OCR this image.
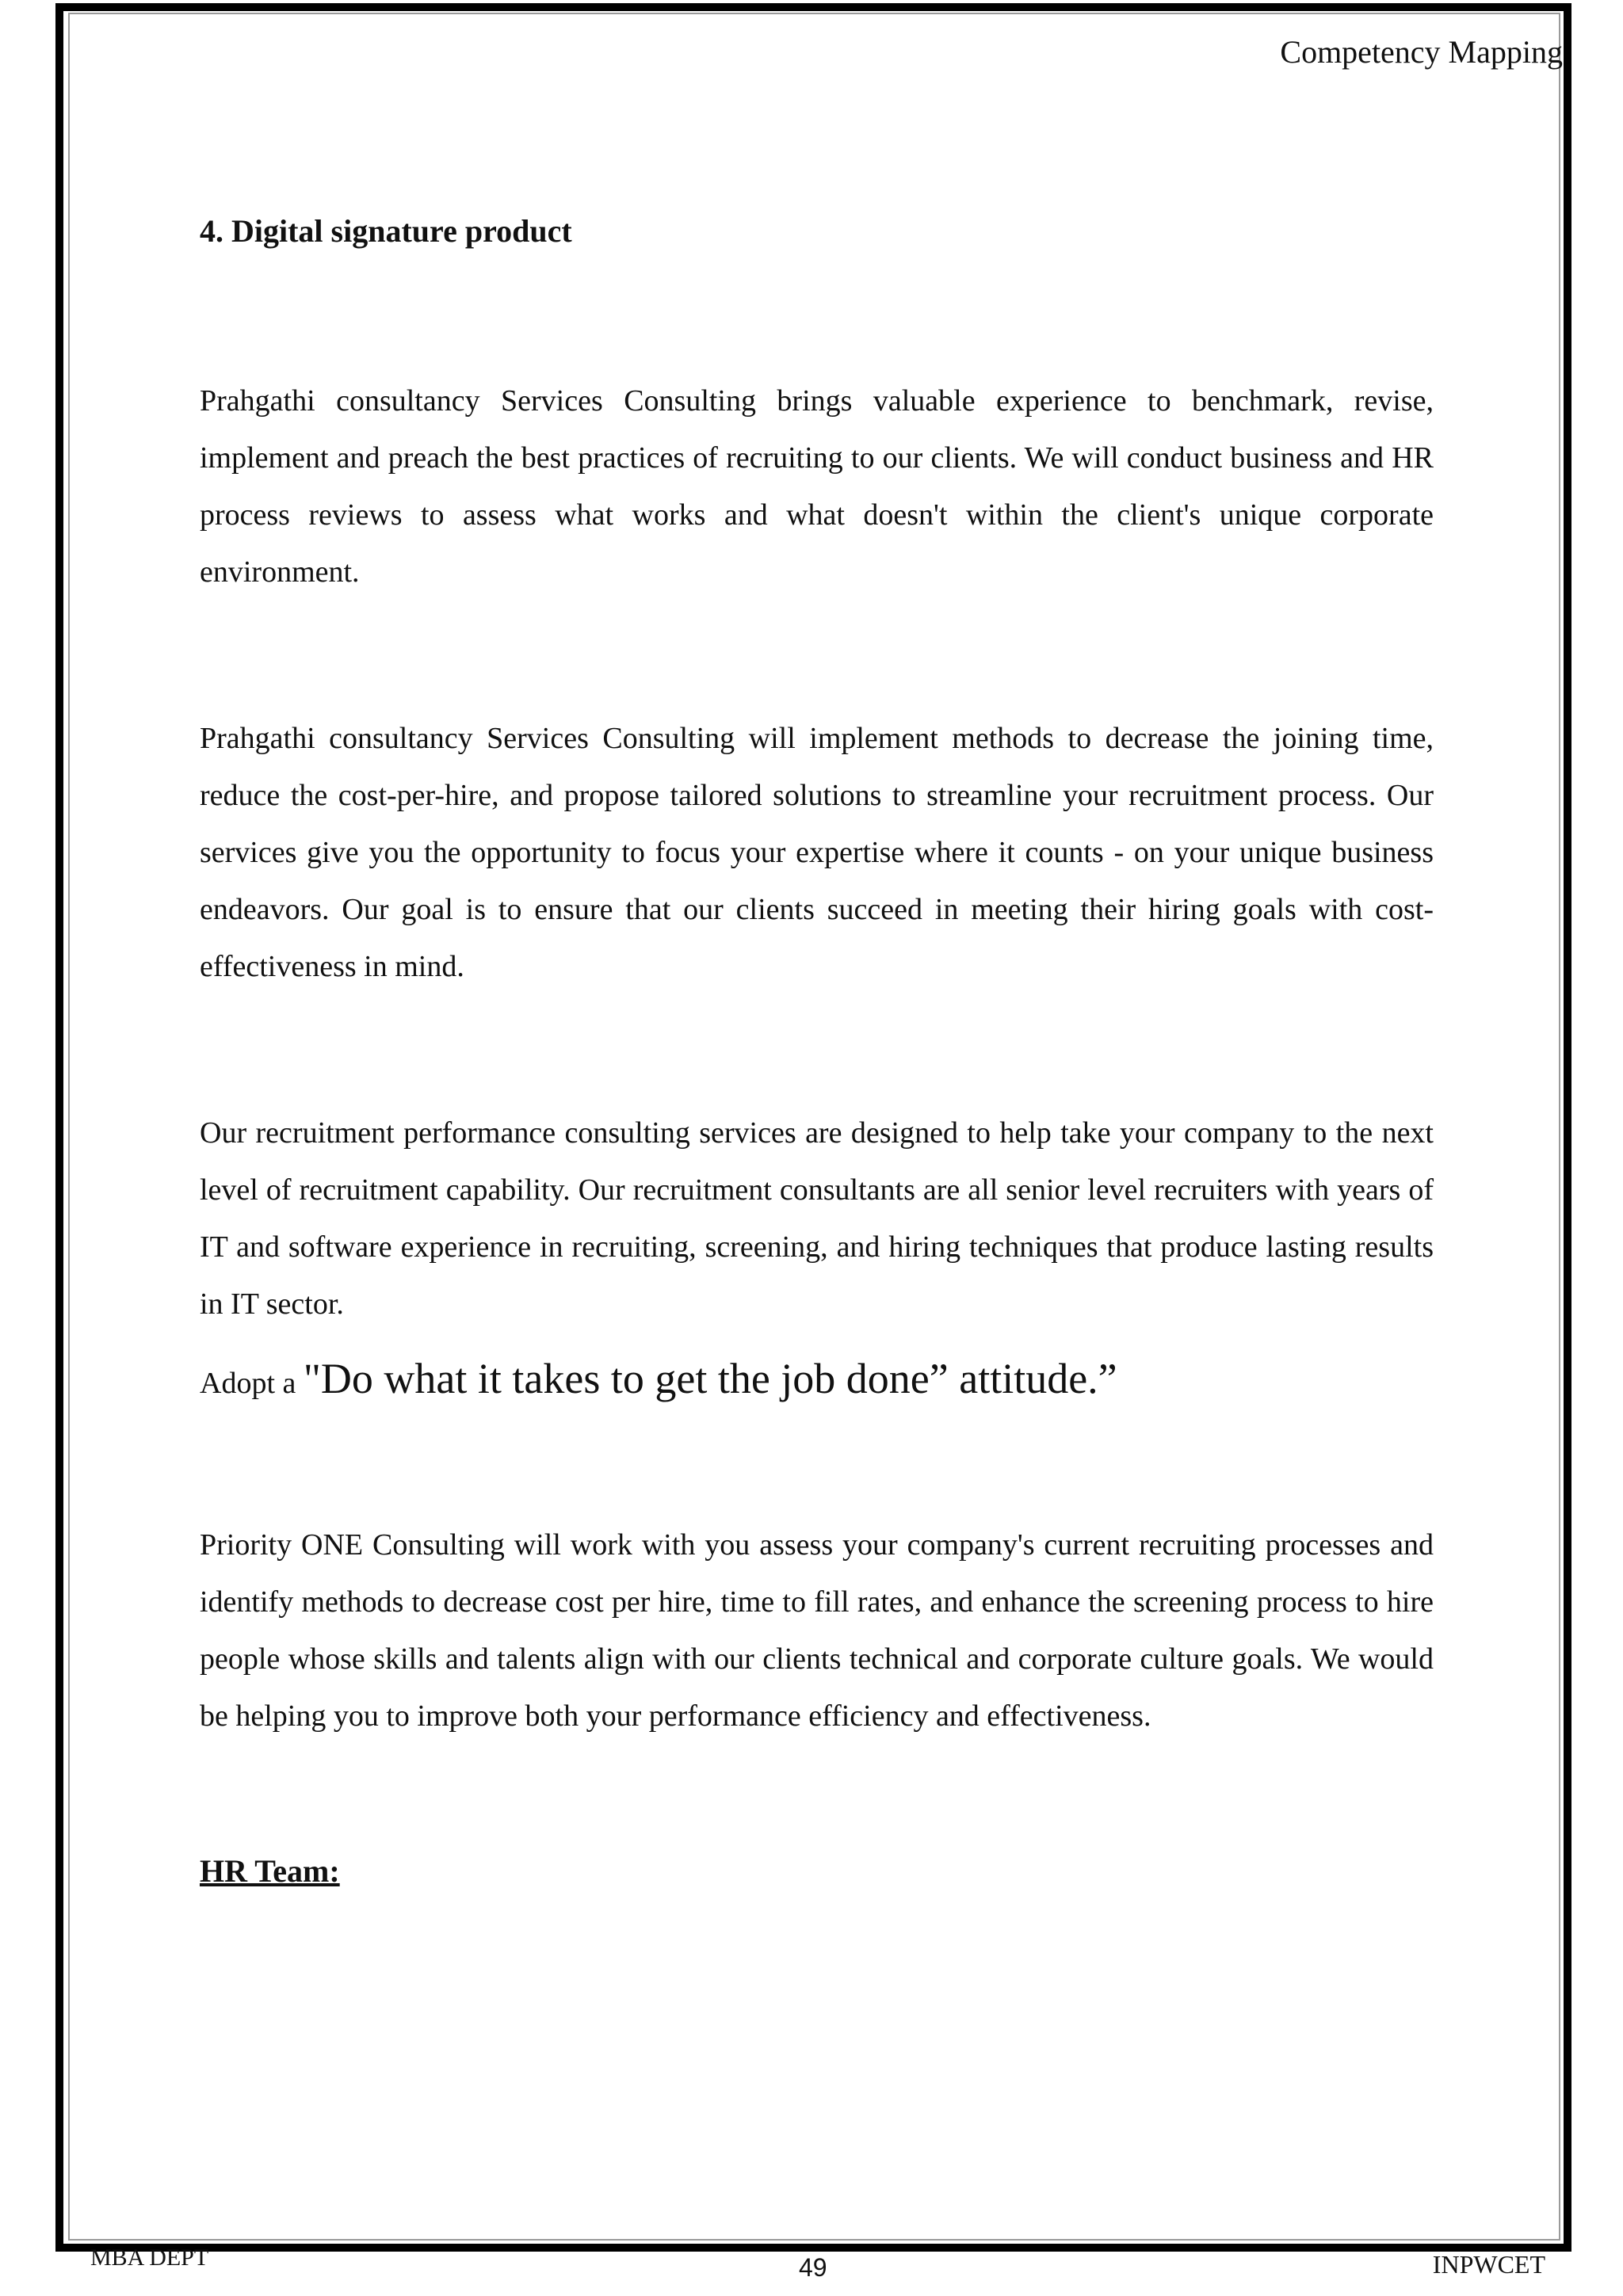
Competency Mapping
4. Digital signature product

Prahgathi consultancy Services Consulting brings valuable experience to benchmark, revise, implement and preach the best practices of recruiting to our clients. We will conduct business and HR process reviews to assess what works and what doesn't within the client's unique corporate environment.

Prahgathi consultancy Services Consulting will implement methods to decrease the joining time, reduce the cost-per-hire, and propose tailored solutions to streamline your recruitment process. Our services give you the opportunity to focus your expertise where it counts - on your unique business endeavors. Our goal is to ensure that our clients succeed in meeting their hiring goals with cost-effectiveness in mind.

Our recruitment performance consulting services are designed to help take your company to the next level of recruitment capability. Our recruitment consultants are all senior level recruiters with years of IT and software experience in recruiting, screening, and hiring techniques that produce lasting results in IT sector.

Adopt a "Do what it takes to get the job done” attitude.”

Priority ONE Consulting will work with you assess your company's current recruiting processes and identify methods to decrease cost per hire, time to fill rates, and enhance the screening process to hire people whose skills and talents align with our clients technical and corporate culture goals. We would be helping you to improve both your performance efficiency and effectiveness.

HR Team:
MBA DEPT	49	INPWCET
